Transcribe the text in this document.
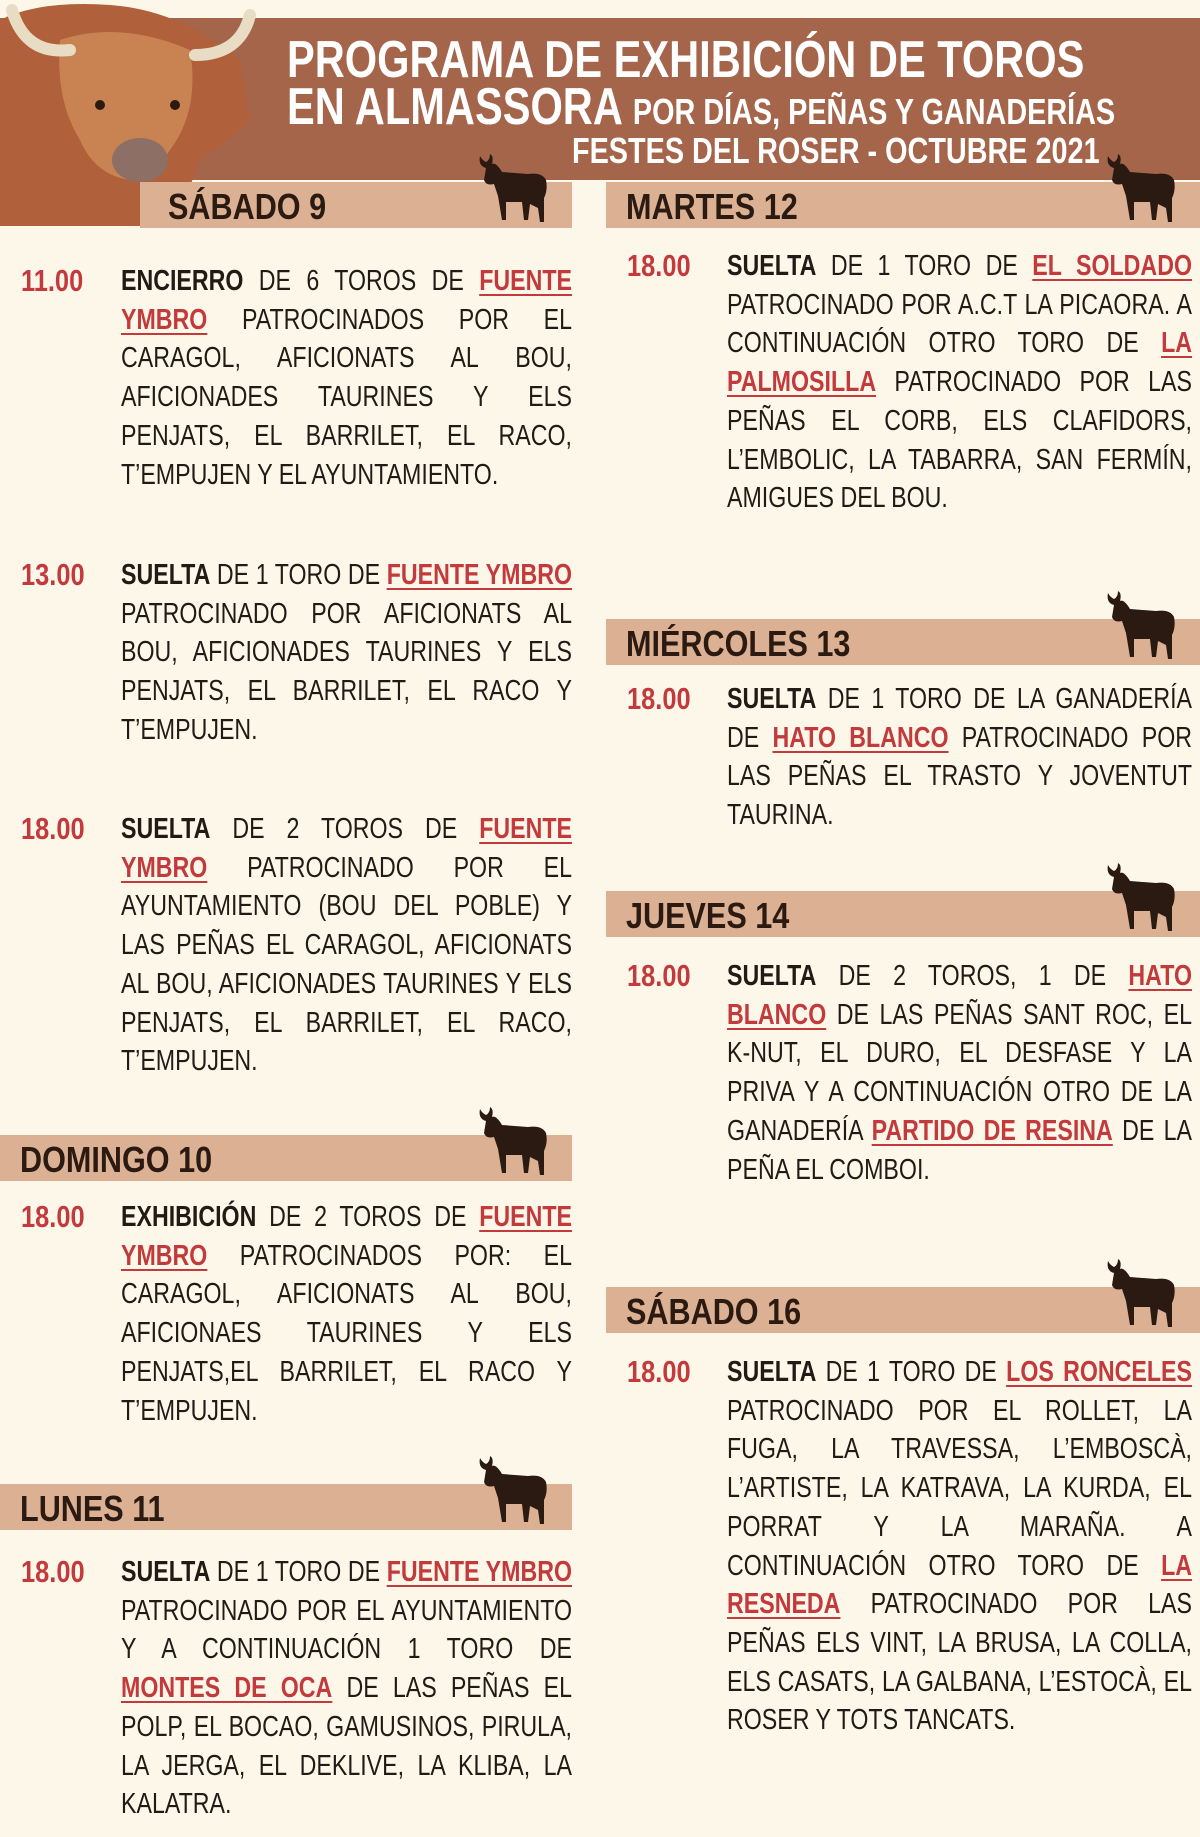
PROGRAMA DE EXHIBICIÓN DE TOROS
EN ALMASSORA POR DÍAS, PEÑAS Y GANADERÍAS
FESTES DEL ROSER - OCTUBRE 2021
SÁBADO 9
11.00 ENCIERRO DE 6 TOROS DE FUENTE YMBRO PATROCINADOS POR EL CARAGOL, AFICIONATS AL BOU, AFICIONADES TAURINES Y ELS PENJATS, EL BARRILET, EL RACO, T’EMPUJEN Y EL AYUNTAMIENTO.
13.00 SUELTA DE 1 TORO DE FUENTE YMBRO PATROCINADO POR AFICIONATS AL BOU, AFICIONADES TAURINES Y ELS PENJATS, EL BARRILET, EL RACO Y T’EMPUJEN.
18.00 SUELTA DE 2 TOROS DE FUENTE YMBRO PATROCINADO POR EL AYUNTAMIENTO (BOU DEL POBLE) Y LAS PEÑAS EL CARAGOL, AFICIONATS AL BOU, AFICIONADES TAURINES Y ELS PENJATS, EL BARRILET, EL RACO, T’EMPUJEN.
DOMINGO 10
18.00 EXHIBICIÓN DE 2 TOROS DE FUENTE YMBRO PATROCINADOS POR: EL CARAGOL, AFICIONATS AL BOU, AFICIONAES TAURINES Y ELS PENJATS,EL BARRILET, EL RACO Y T’EMPUJEN.
LUNES 11
18.00 SUELTA DE 1 TORO DE FUENTE YMBRO PATROCINADO POR EL AYUNTAMIENTO Y A CONTINUACIÓN 1 TORO DE MONTES DE OCA DE LAS PEÑAS EL POLP, EL BOCAO, GAMUSINOS, PIRULA, LA JERGA, EL DEKLIVE, LA KLIBA, LA KALATRA.
MARTES 12
18.00 SUELTA DE 1 TORO DE EL SOLDADO PATROCINADO POR A.C.T LA PICAORA. A CONTINUACIÓN OTRO TORO DE LA PALMOSILLA PATROCINADO POR LAS PEÑAS EL CORB, ELS CLAFIDORS, L’EMBOLIC, LA TABARRA, SAN FERMÍN, AMIGUES DEL BOU.
MIÉRCOLES 13
18.00 SUELTA DE 1 TORO DE LA GANADERÍA DE HATO BLANCO PATROCINADO POR LAS PEÑAS EL TRASTO Y JOVENTUT TAURINA.
JUEVES 14
18.00 SUELTA DE 2 TOROS, 1 DE HATO BLANCO DE LAS PEÑAS SANT ROC, EL K-NUT, EL DURO, EL DESFASE Y LA PRIVA Y A CONTINUACIÓN OTRO DE LA GANADERÍA PARTIDO DE RESINA DE LA PEÑA EL COMBOI.
SÁBADO 16
18.00 SUELTA DE 1 TORO DE LOS RONCELES PATROCINADO POR EL ROLLET, LA FUGA, LA TRAVESSA, L’EMBOSCÀ, L’ARTISTE, LA KATRAVA, LA KURDA, EL PORRAT Y LA MARAÑA. A CONTINUACIÓN OTRO TORO DE LA RESNEDA PATROCINADO POR LAS PEÑAS ELS VINT, LA BRUSA, LA COLLA, ELS CASATS, LA GALBANA, L’ESTOCÀ, EL ROSER Y TOTS TANCATS.
